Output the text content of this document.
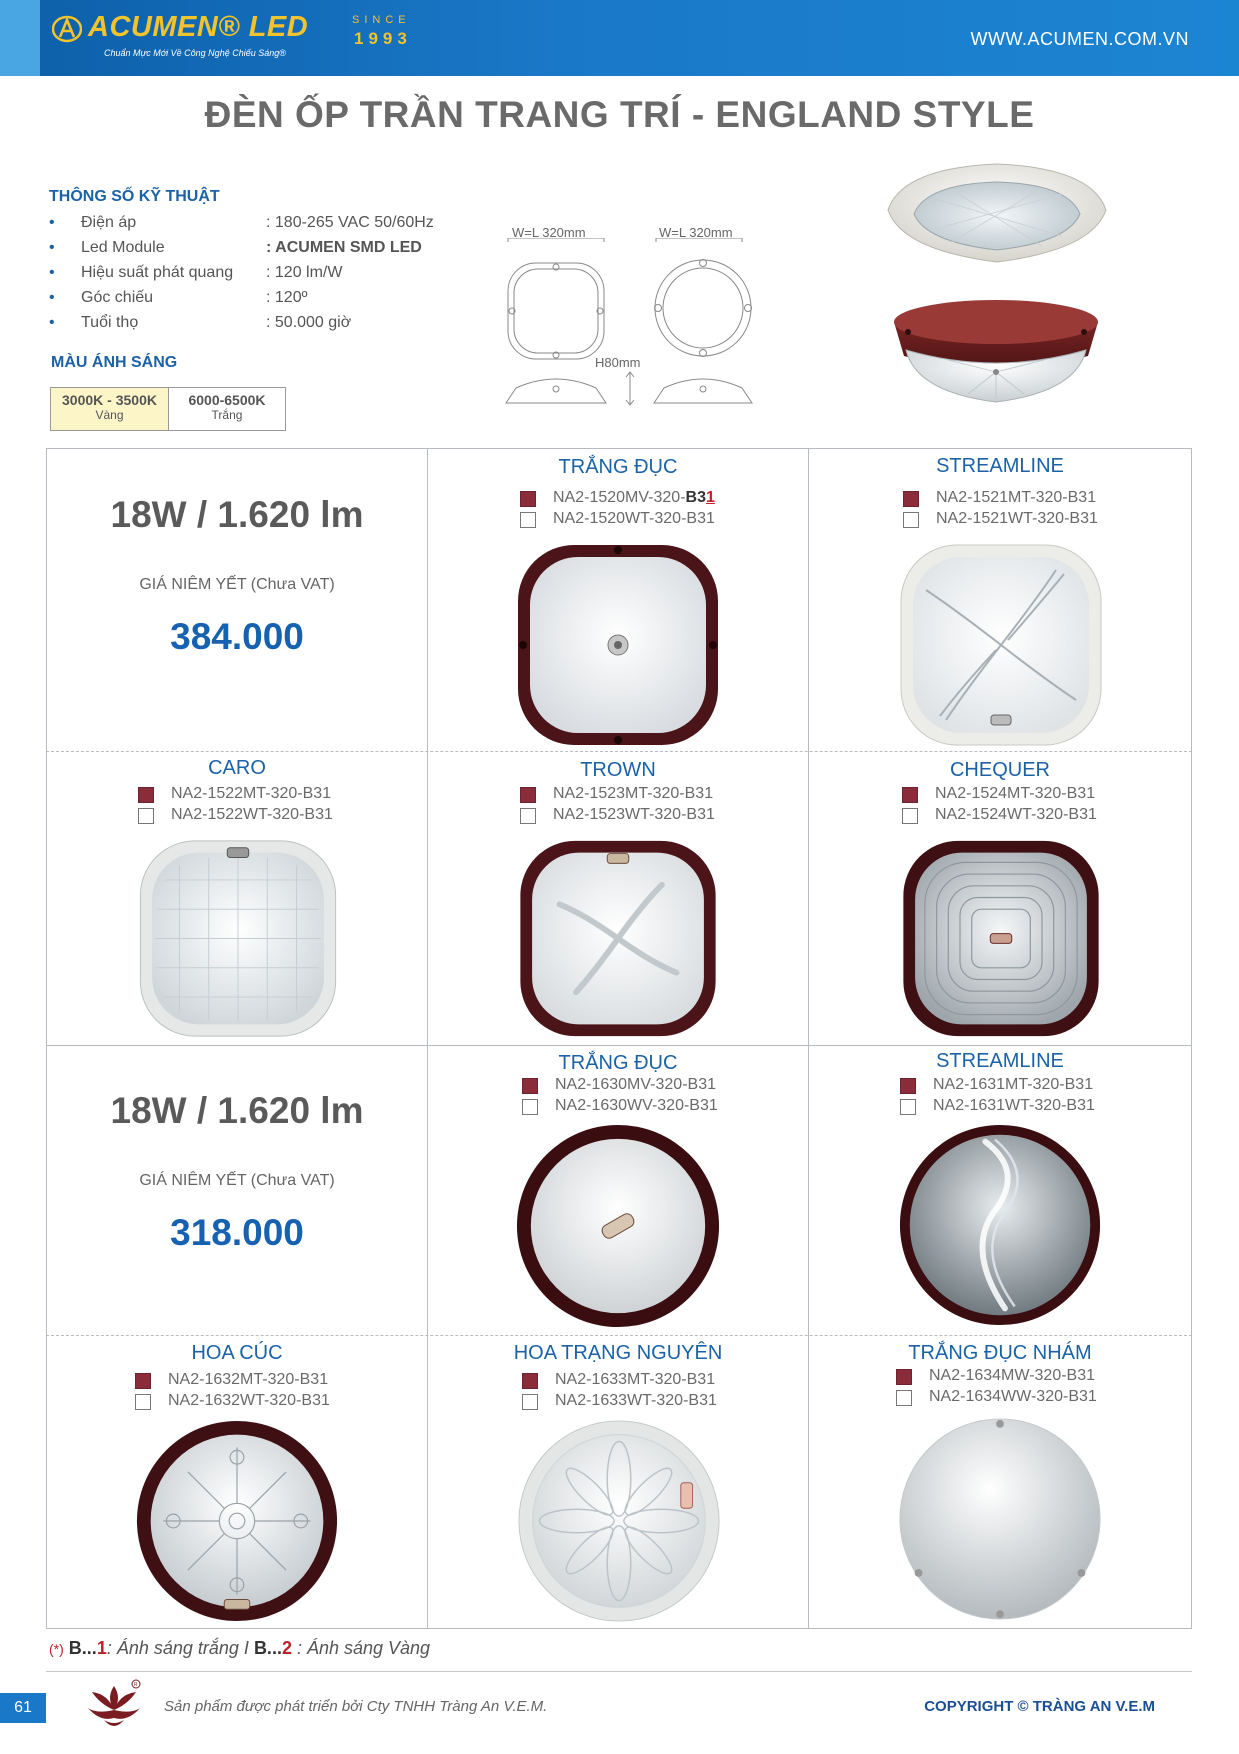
ACUMEN® LED
Chuẩn Mực Mới Về Công Nghệ Chiếu Sáng®
SINCE
1993	WWW.ACUMEN.COM.VN
ĐÈN ỐP TRẦN TRANG TRÍ - ENGLAND STYLE
THÔNG SỐ KỸ THUẬT
• Điện áp	: 180-265 VAC 50/60Hz
• Led Module	: ACUMEN SMD LED
• Hiệu suất phát quang : 120 lm/W
• Góc chiếu	: 120º
• Tuổi thọ	: 50.000 giờ
MÀU ÁNH SÁNG
3000K - 3500K
Vàng
6000-6500K
Trắng
W=L 320mm	W=L 320mm
H80mm
18W / 1.620 lm
GIÁ NIÊM YẾT (Chưa VAT)
384.000
TRẮNG ĐỤC
NA2-1520MV-320-B31
NA2-1520WT-320-B31
STREAMLINE
NA2-1521MT-320-B31
NA2-1521WT-320-B31
CARO
NA2-1522MT-320-B31
NA2-1522WT-320-B31
TROWN
NA2-1523MT-320-B31
NA2-1523WT-320-B31
CHEQUER
NA2-1524MT-320-B31
NA2-1524WT-320-B31
18W / 1.620 lm
GIÁ NIÊM YẾT (Chưa VAT)
318.000
TRẮNG ĐỤC
NA2-1630MV-320-B31
NA2-1630WV-320-B31
STREAMLINE
NA2-1631MT-320-B31
NA2-1631WT-320-B31
HOA CÚC
NA2-1632MT-320-B31
NA2-1632WT-320-B31
HOA TRẠNG NGUYÊN
NA2-1633MT-320-B31
NA2-1633WT-320-B31
TRẮNG ĐỤC NHÁM
NA2-1634MW-320-B31
NA2-1634WW-320-B31
(*) B...1: Ánh sáng trắng I B...2 : Ánh sáng Vàng
61
R
Sản phẩm được phát triển bởi Cty TNHH Tràng An V.E.M.	COPYRIGHT © TRÀNG AN V.E.M
